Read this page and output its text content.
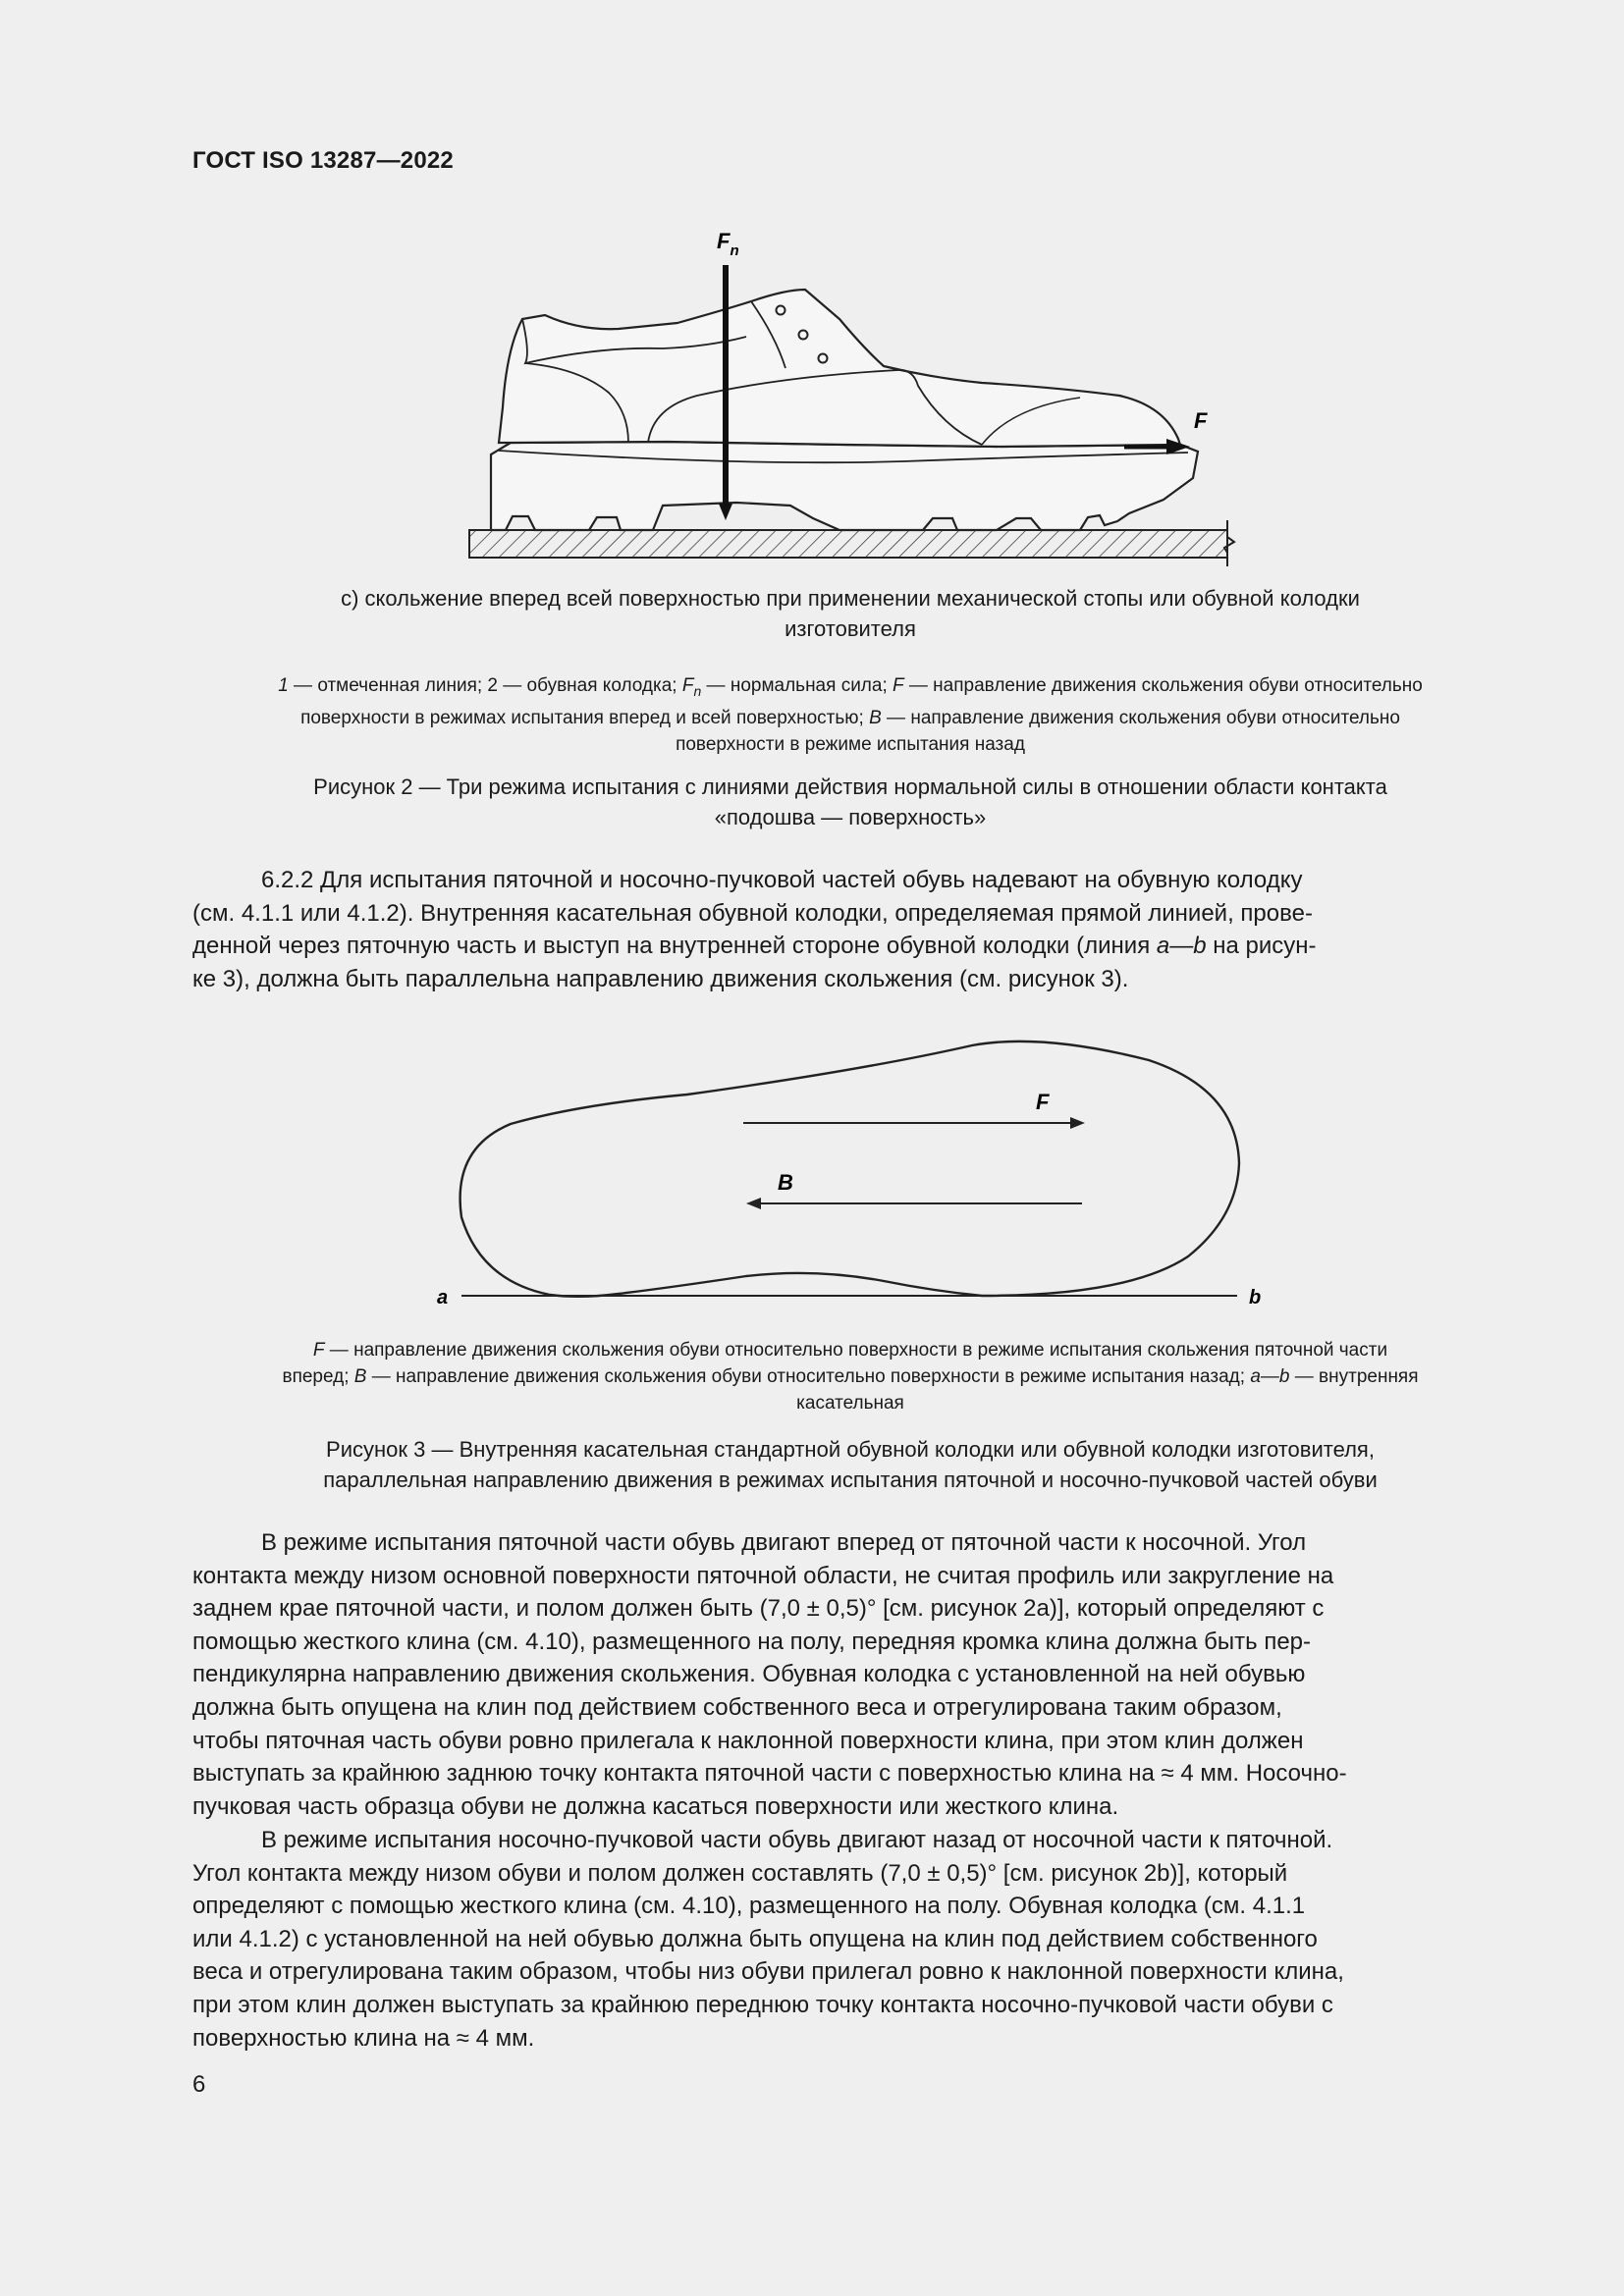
ГОСТ ISO 13287—2022
$F_n$
F
с) скольжение вперед всей поверхностью при применении механической стопы или обувной колодки
изготовителя
1 — отмеченная линия; 2 — обувная колодка; $F_n$ — нормальная сила; F — направление движения скольжения обуви относительно
поверхности в режимах испытания вперед и всей поверхностью; B — направление движения скольжения обуви относительно
поверхности в режиме испытания назад
Рисунок 2 — Три режима испытания с линиями действия нормальной силы в отношении области контакта
«подошва — поверхность»
6.2.2 Для испытания пяточной и носочно-пучковой частей обувь надевают на обувную колодку
(см. 4.1.1 или 4.1.2). Внутренняя касательная обувной колодки, определяемая прямой линией, прове-
денной через пяточную часть и выступ на внутренней стороне обувной колодки (линия a—b на рисун-
ке 3), должна быть параллельна направлению движения скольжения (см. рисунок 3).
F
B
a	b
F — направление движения скольжения обуви относительно поверхности в режиме испытания скольжения пяточной части
вперед; B — направление движения скольжения обуви относительно поверхности в режиме испытания назад; a—b — внутренняя
касательная
Рисунок 3 — Внутренняя касательная стандартной обувной колодки или обувной колодки изготовителя,
параллельная направлению движения в режимах испытания пяточной и носочно-пучковой частей обуви
В режиме испытания пяточной части обувь двигают вперед от пяточной части к носочной. Угол
контакта между низом основной поверхности пяточной области, не считая профиль или закругление на
заднем крае пяточной части, и полом должен быть (7,0 ± 0,5)° [см. рисунок 2a)], который определяют с
помощью жесткого клина (см. 4.10), размещенного на полу, передняя кромка клина должна быть пер-
пендикулярна направлению движения скольжения. Обувная колодка с установленной на ней обувью
должна быть опущена на клин под действием собственного веса и отрегулирована таким образом,
чтобы пяточная часть обуви ровно прилегала к наклонной поверхности клина, при этом клин должен
выступать за крайнюю заднюю точку контакта пяточной части с поверхностью клина на ≈ 4 мм. Носочно-
пучковая часть образца обуви не должна касаться поверхности или жесткого клина.
В режиме испытания носочно-пучковой части обувь двигают назад от носочной части к пяточной.
Угол контакта между низом обуви и полом должен составлять (7,0 ± 0,5)° [см. рисунок 2b)], который
определяют с помощью жесткого клина (см. 4.10), размещенного на полу. Обувная колодка (см. 4.1.1
или 4.1.2) с установленной на ней обувью должна быть опущена на клин под действием собственного
веса и отрегулирована таким образом, чтобы низ обуви прилегал ровно к наклонной поверхности клина,
при этом клин должен выступать за крайнюю переднюю точку контакта носочно-пучковой части обуви с
поверхностью клина на ≈ 4 мм.
6
